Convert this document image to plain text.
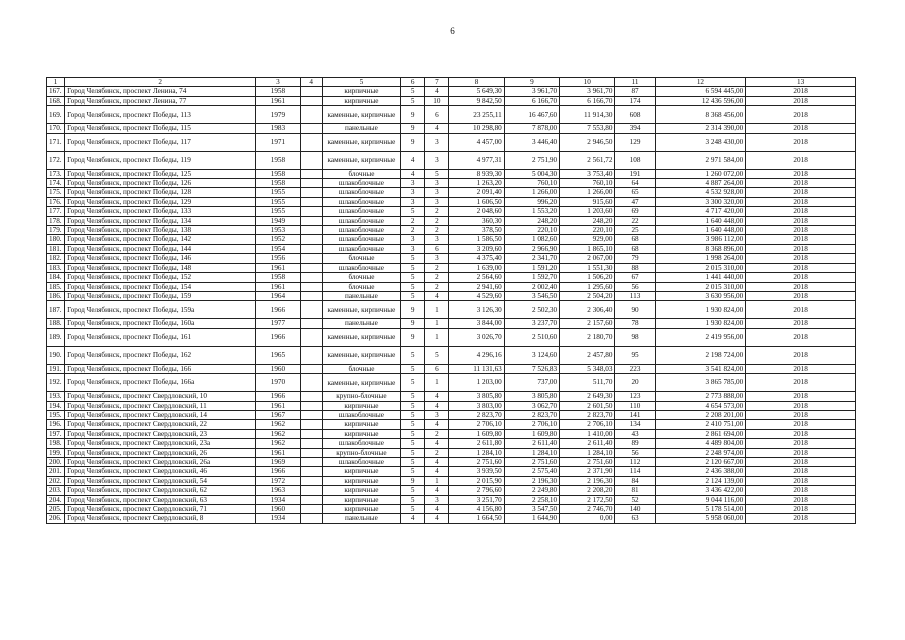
6
1	2	3	4	5	6	7	8	9	10	11	12	13
167.	Город Челябинск, проспект Ленина, 74	1958		кирпичные	5	4	5 649,30	3 961,70	3 961,70	87	6 594 445,00	2018
168.	Город Челябинск, проспект Ленина, 77	1961		кирпичные	5	10	9 842,50	6 166,70	6 166,70	174	12 436 596,00	2018
169.	Город Челябинск, проспект Победы, 113	1979		каменные, кирпичные	9	6	23 255,11	16 467,60	11 914,30	608	8 368 456,00	2018
170.	Город Челябинск, проспект Победы, 115	1983		панельные	9	4	10 298,80	7 878,00	7 553,80	394	2 314 390,00	2018
171.	Город Челябинск, проспект Победы, 117	1971		каменные, кирпичные	9	3	4 457,00	3 446,40	2 946,50	129	3 248 430,00	2018
172.	Город Челябинск, проспект Победы, 119	1958		каменные, кирпичные	4	3	4 977,31	2 751,90	2 561,72	108	2 971 584,00	2018
173.	Город Челябинск, проспект Победы, 125	1958		блочные	4	5	8 939,30	5 004,30	3 753,40	191	1 260 072,00	2018
174.	Город Челябинск, проспект Победы, 126	1958		шлакоблочные	3	3	1 263,20	760,10	760,10	64	4 887 264,00	2018
175.	Город Челябинск, проспект Победы, 128	1955		шлакоблочные	3	3	2 091,40	1 266,00	1 266,00	65	4 532 928,00	2018
176.	Город Челябинск, проспект Победы, 129	1955		шлакоблочные	3	3	1 606,50	996,20	915,60	47	3 300 320,00	2018
177.	Город Челябинск, проспект Победы, 133	1955		шлакоблочные	5	2	2 048,60	1 553,20	1 203,60	69	4 717 420,00	2018
178.	Город Челябинск, проспект Победы, 134	1949		шлакоблочные	2	2	360,30	248,20	248,20	22	1 640 448,00	2018
179.	Город Челябинск, проспект Победы, 138	1953		шлакоблочные	2	2	378,50	220,10	220,10	25	1 640 448,00	2018
180.	Город Челябинск, проспект Победы, 142	1952		шлакоблочные	3	3	1 586,50	1 082,60	929,00	68	3 986 112,00	2018
181.	Город Челябинск, проспект Победы, 144	1954		шлакоблочные	3	6	3 209,60	2 966,90	1 865,10	68	8 368 896,00	2018
182.	Город Челябинск, проспект Победы, 146	1956		блочные	5	3	4 375,40	2 341,70	2 067,00	79	1 998 264,00	2018
183.	Город Челябинск, проспект Победы, 148	1961		шлакоблочные	5	2	1 639,00	1 591,20	1 551,30	88	2 015 310,00	2018
184.	Город Челябинск, проспект Победы, 152	1958		блочные	5	2	2 564,60	1 592,70	1 506,20	67	1 441 440,00	2018
185.	Город Челябинск, проспект Победы, 154	1961		блочные	5	2	2 941,60	2 002,40	1 295,60	56	2 015 310,00	2018
186.	Город Челябинск, проспект Победы, 159	1964		панельные	5	4	4 529,60	3 546,50	2 504,20	113	3 630 956,00	2018
187.	Город Челябинск, проспект Победы, 159а	1966		каменные, кирпичные	9	1	3 126,30	2 502,30	2 306,40	90	1 930 824,00	2018
188.	Город Челябинск, проспект Победы, 160а	1977		панельные	9	1	3 844,00	3 237,70	2 157,60	78	1 930 824,00	2018
189.	Город Челябинск, проспект Победы, 161	1966		каменные, кирпичные	9	1	3 026,70	2 510,60	2 180,70	98	2 419 956,00	2018
190.	Город Челябинск, проспект Победы, 162	1965		каменные, кирпичные	5	5	4 296,16	3 124,60	2 457,80	95	2 198 724,00	2018
191.	Город Челябинск, проспект Победы, 166	1960		блочные	5	6	11 131,63	7 526,83	5 348,03	223	3 541 824,00	2018
192.	Город Челябинск, проспект Победы, 166а	1970		каменные, кирпичные	5	1	1 203,00	737,00	511,70	20	3 865 785,00	2018
193.	Город Челябинск, проспект Свердловский, 10	1966		крупно-блочные	5	4	3 805,80	3 805,80	2 649,30	123	2 773 888,00	2018
194.	Город Челябинск, проспект Свердловский, 11	1961		кирпичные	5	4	3 803,00	3 062,70	2 601,50	110	4 654 573,00	2018
195.	Город Челябинск, проспект Свердловский, 14	1967		шлакоблочные	5	3	2 823,70	2 823,70	2 823,70	141	2 208 201,00	2018
196.	Город Челябинск, проспект Свердловский, 22	1962		кирпичные	5	4	2 706,10	2 706,10	2 706,10	134	2 410 751,00	2018
197.	Город Челябинск, проспект Свердловский, 23	1962		кирпичные	5	2	1 609,80	1 609,80	1 410,00	43	2 861 694,00	2018
198.	Город Челябинск, проспект Свердловский, 23а	1962		шлакоблочные	5	4	2 611,80	2 611,40	2 611,40	89	4 489 804,00	2018
199.	Город Челябинск, проспект Свердловский, 26	1961		крупно-блочные	5	2	1 284,10	1 284,10	1 284,10	56	2 248 974,00	2018
200.	Город Челябинск, проспект Свердловский, 26а	1969		шлакоблочные	5	4	2 751,60	2 751,60	2 751,60	112	2 120 667,00	2018
201.	Город Челябинск, проспект Свердловский, 46	1966		кирпичные	5	4	3 939,50	2 575,40	2 371,90	114	2 436 388,00	2018
202.	Город Челябинск, проспект Свердловский, 54	1972		кирпичные	9	1	2 015,90	2 196,30	2 196,30	84	2 124 139,00	2018
203.	Город Челябинск, проспект Свердловский, 62	1963		кирпичные	5	4	2 796,60	2 249,80	2 208,20	81	3 436 422,00	2018
204.	Город Челябинск, проспект Свердловский, 63	1934		кирпичные	5	3	3 251,70	2 258,10	2 172,50	52	9 044 116,00	2018
205.	Город Челябинск, проспект Свердловский, 71	1960		кирпичные	5	4	4 156,80	3 547,50	2 746,70	140	5 178 514,00	2018
206.	Город Челябинск, проспект Свердловский, 8	1934		панельные	4	4	1 664,50	1 644,90	0,00	63	5 958 060,00	2018
